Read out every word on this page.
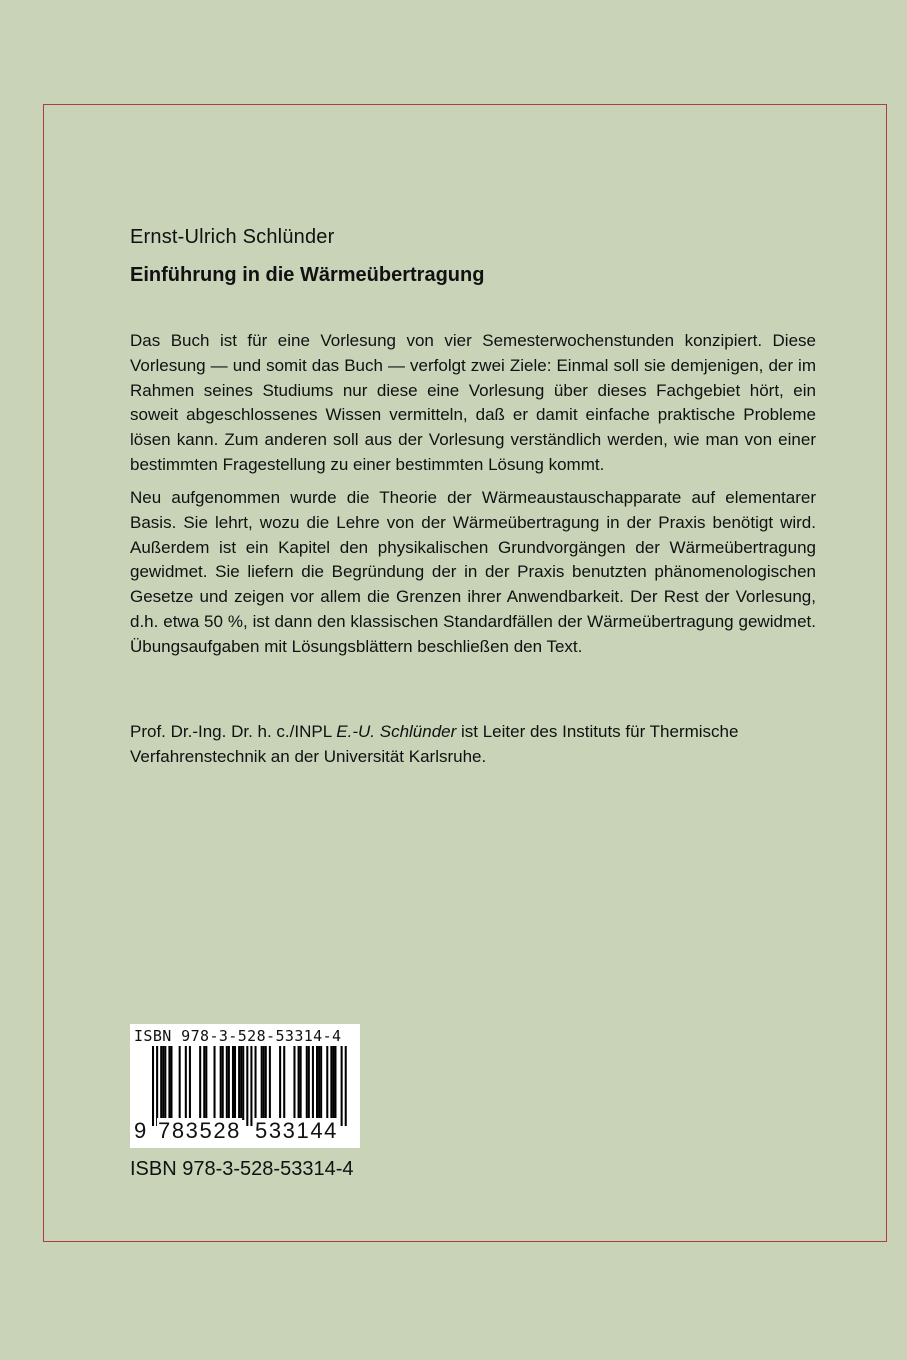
Ernst-Ulrich Schlünder
Einführung in die Wärmeübertragung

Das Buch ist für eine Vorlesung von vier Semesterwochenstunden konzipiert. Diese Vorlesung — und somit das Buch — verfolgt zwei Ziele: Einmal soll sie demjenigen, der im Rahmen seines Studiums nur diese eine Vorlesung über dieses Fachgebiet hört, ein soweit abgeschlossenes Wissen vermitteln, daß er damit einfache praktische Probleme lösen kann. Zum anderen soll aus der Vorlesung verständlich werden, wie man von einer bestimmten Fragestellung zu einer bestimmten Lösung kommt.

Neu aufgenommen wurde die Theorie der Wärmeaustauschapparate auf elementarer Basis. Sie lehrt, wozu die Lehre von der Wärmeübertragung in der Praxis benötigt wird. Außerdem ist ein Kapitel den physikalischen Grundvorgängen der Wärmeübertragung gewidmet. Sie liefern die Begründung der in der Praxis benutzten phänomenologischen Gesetze und zeigen vor allem die Grenzen ihrer Anwendbarkeit. Der Rest der Vorlesung, d.h. etwa 50 %, ist dann den klassischen Standardfällen der Wärmeübertragung gewidmet. Übungsaufgaben mit Lösungsblättern beschließen den Text.

Prof. Dr.-Ing. Dr. h. c./INPL E.-U. Schlünder ist Leiter des Instituts für Thermische Verfahrenstechnik an der Universität Karlsruhe.

ISBN 978-3-528-53314-4
9 783528 533144
ISBN 978-3-528-53314-4
